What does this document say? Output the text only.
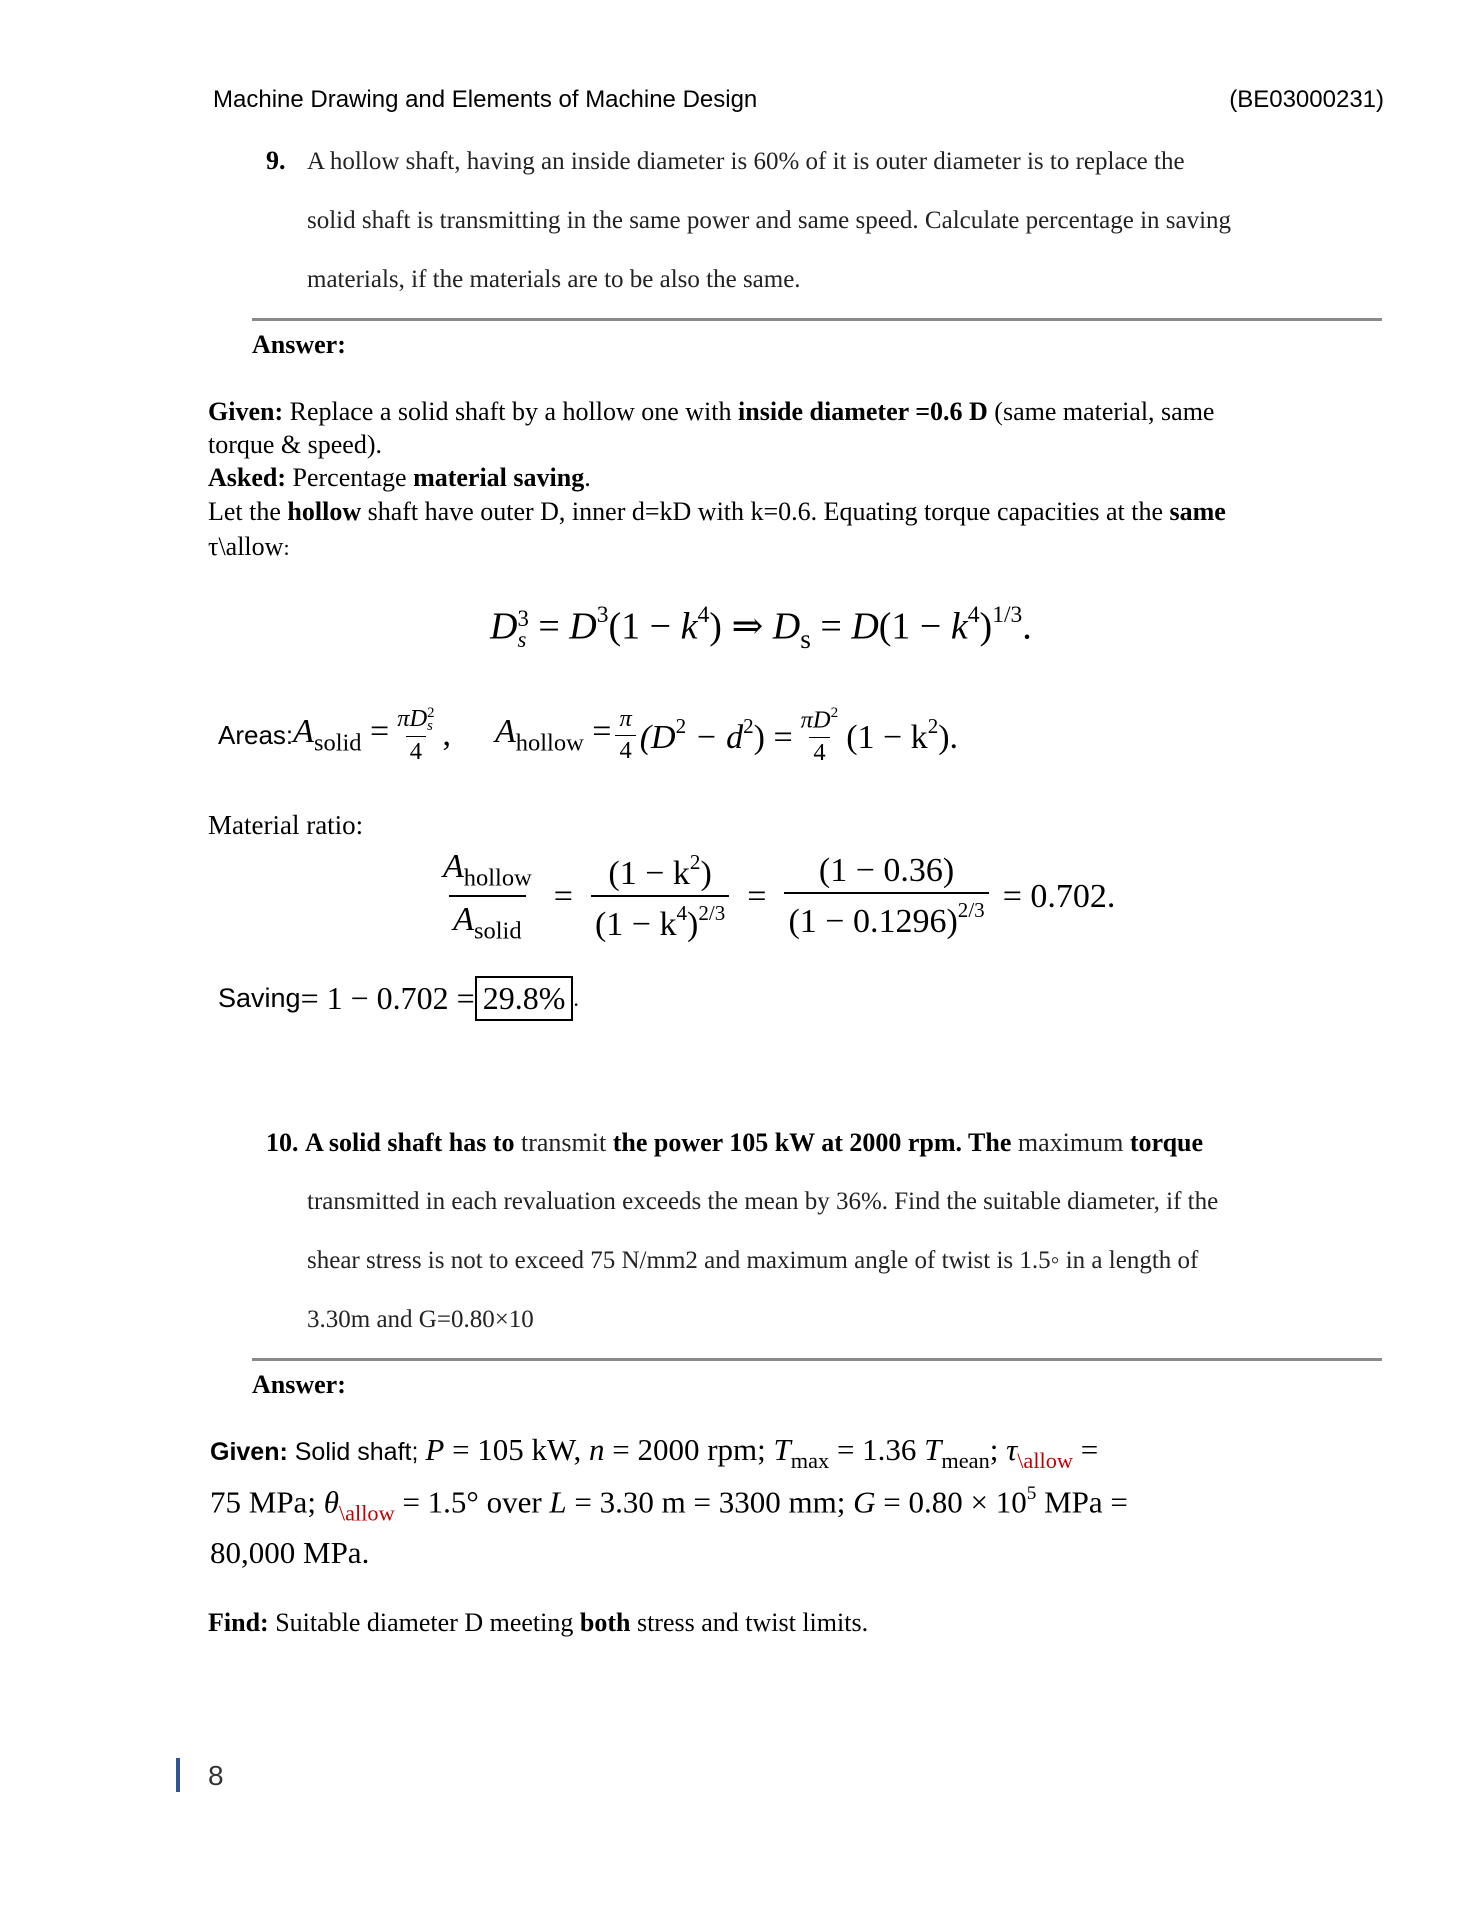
Machine Drawing and Elements of Machine Design	(BE03000231)
9. A hollow shaft, having an inside diameter is 60% of it is outer diameter is to replace the
solid shaft is transmitting in the same power and same speed. Calculate percentage in saving
materials, if the materials are to be also the same.
Answer:
Given: Replace a solid shaft by a hollow one with inside diameter =0.6 D (same material, same
torque & speed).
Asked: Percentage material saving.
Let the hollow shaft have outer D, inner d=kD with k=0.6. Equating torque capacities at the same
τ\allow:
D3
$s = D^3(1 - k^4)$ ⇒ $D_s = D(1 - k^4)^{1/3}$.
Areas: $A_{solid} = \pi D2$
s
4 , $A_{hollow} = \frac{\pi}{4} (D^2 - d^2) = \frac{\pi D^2}{4} (1 - k^2)$.
Material ratio:
$\frac{A_{hollow}}{A_{solid}} = \frac{(1 - k^2)}{(1 - k^4)^{2/3}} = \frac{(1 - 0.36)}{(1 - 0.1296)^{2/3}} = 0.702$.
Saving = 1 − 0.702 = 29.8% .
10. A solid shaft has to transmit the power 105 kW at 2000 rpm. The maximum torque
transmitted in each revaluation exceeds the mean by 36%. Find the suitable diameter, if the
shear stress is not to exceed 75 N/mm2 and maximum angle of twist is 1.5◦ in a length of
3.30m and G=0.80×10
Answer:
Given: Solid shaft; P = 105 kW, n = 2000 rpm; $T_{max} = 1.36$ $T_{mean}$; $\tau_{\backslash allow}$ =
75 MPa; $\theta_{\backslash allow} = 1.5^\circ$ over L = 3.30 m = 3300 mm; $G = 0.80 \times 10^5$ MPa =
80,000 MPa.
Find: Suitable diameter D meeting both stress and twist limits.
8
